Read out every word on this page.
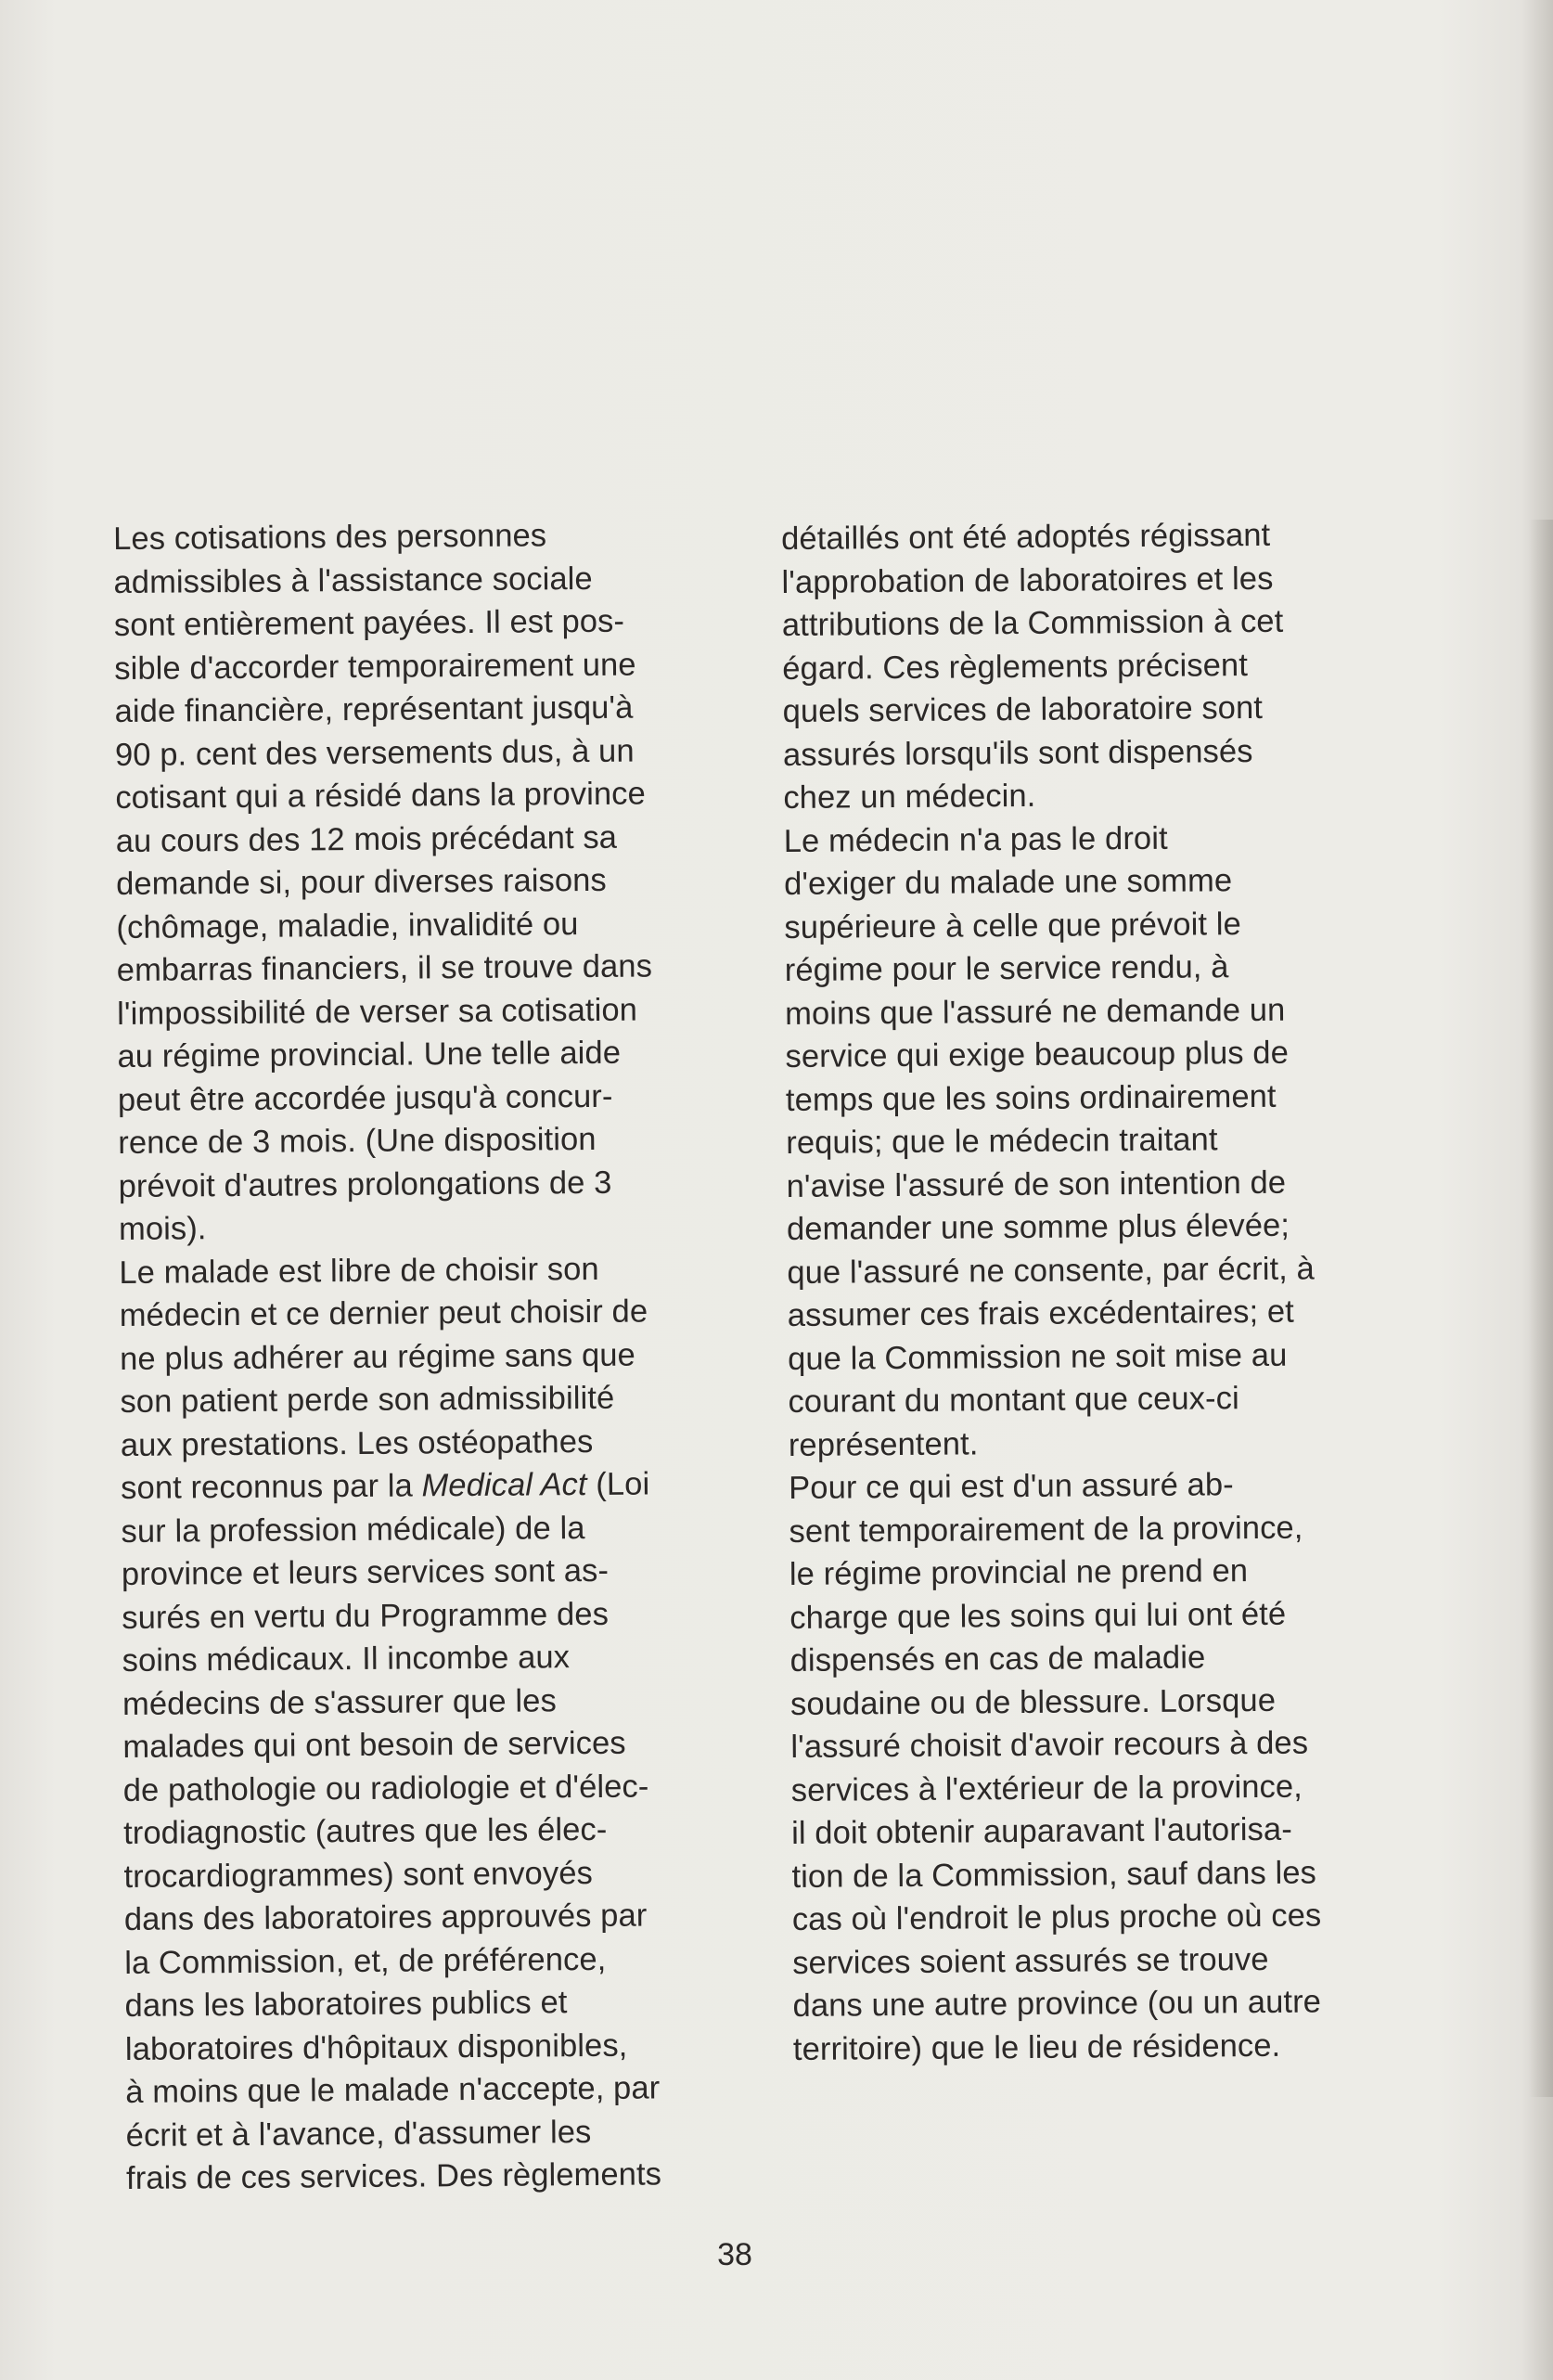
Les cotisations des personnes
admissibles à l'assistance sociale
sont entièrement payées. Il est pos-
sible d'accorder temporairement une
aide financière, représentant jusqu'à
90 p. cent des versements dus, à un
cotisant qui a résidé dans la province
au cours des 12 mois précédant sa
demande si, pour diverses raisons
(chômage, maladie, invalidité ou
embarras financiers, il se trouve dans
l'impossibilité de verser sa cotisation
au régime provincial. Une telle aide
peut être accordée jusqu'à concur-
rence de 3 mois. (Une disposition
prévoit d'autres prolongations de 3
mois).

Le malade est libre de choisir son
médecin et ce dernier peut choisir de
ne plus adhérer au régime sans que
son patient perde son admissibilité
aux prestations. Les ostéopathes
sont reconnus par la Medical Act (Loi
sur la profession médicale) de la
province et leurs services sont as-
surés en vertu du Programme des
soins médicaux. Il incombe aux
médecins de s'assurer que les
malades qui ont besoin de services
de pathologie ou radiologie et d'élec-
trodiagnostic (autres que les élec-
trocardiogrammes) sont envoyés
dans des laboratoires approuvés par
la Commission, et, de préférence,
dans les laboratoires publics et
laboratoires d'hôpitaux disponibles,
à moins que le malade n'accepte, par
écrit et à l'avance, d'assumer les
frais de ces services. Des règlements

détaillés ont été adoptés régissant
l'approbation de laboratoires et les
attributions de la Commission à cet
égard. Ces règlements précisent
quels services de laboratoire sont
assurés lorsqu'ils sont dispensés
chez un médecin.

Le médecin n'a pas le droit
d'exiger du malade une somme
supérieure à celle que prévoit le
régime pour le service rendu, à
moins que l'assuré ne demande un
service qui exige beaucoup plus de
temps que les soins ordinairement
requis; que le médecin traitant
n'avise l'assuré de son intention de
demander une somme plus élevée;
que l'assuré ne consente, par écrit, à
assumer ces frais excédentaires; et
que la Commission ne soit mise au
courant du montant que ceux-ci
représentent.

Pour ce qui est d'un assuré ab-
sent temporairement de la province,
le régime provincial ne prend en
charge que les soins qui lui ont été
dispensés en cas de maladie
soudaine ou de blessure. Lorsque
l'assuré choisit d'avoir recours à des
services à l'extérieur de la province,
il doit obtenir auparavant l'autorisa-
tion de la Commission, sauf dans les
cas où l'endroit le plus proche où ces
services soient assurés se trouve
dans une autre province (ou un autre
territoire) que le lieu de résidence.

38
